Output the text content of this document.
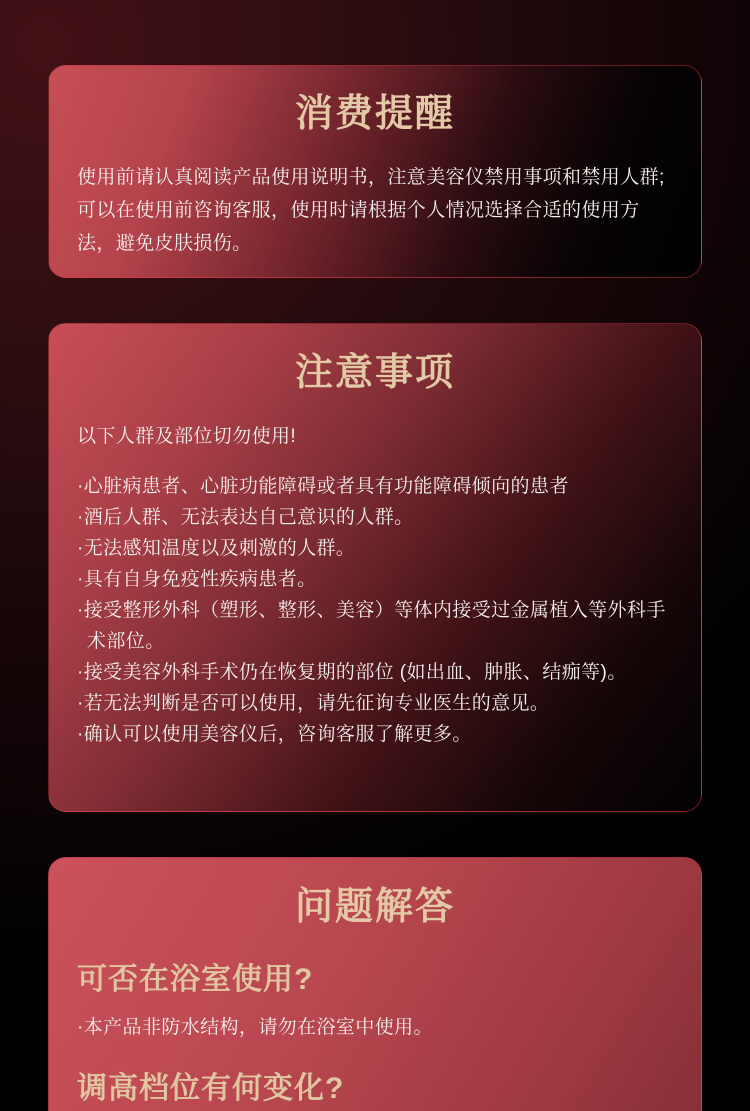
消费提醒

使用前请认真阅读产品使用说明书，注意美容仪禁用事项和禁用人群;可以在使用前咨询客服，使用时请根据个人情况选择合适的使用方法，避免皮肤损伤。

注意事项

以下人群及部位切勿使用!

·心脏病患者、心脏功能障碍或者具有功能障碍倾向的患者
·酒后人群、无法表达自己意识的人群。
·无法感知温度以及刺激的人群。
·具有自身免疫性疾病患者。
·接受整形外科（塑形、整形、美容）等体内接受过金属植入等外科手术部位。
·接受美容外科手术仍在恢复期的部位 (如出血、肿胀、结痂等)。
·若无法判断是否可以使用，请先征询专业医生的意见。
·确认可以使用美容仪后，咨询客服了解更多。
问题解答
可否在浴室使用?

·本产品非防水结构，请勿在浴室中使用。

调高档位有何变化?
